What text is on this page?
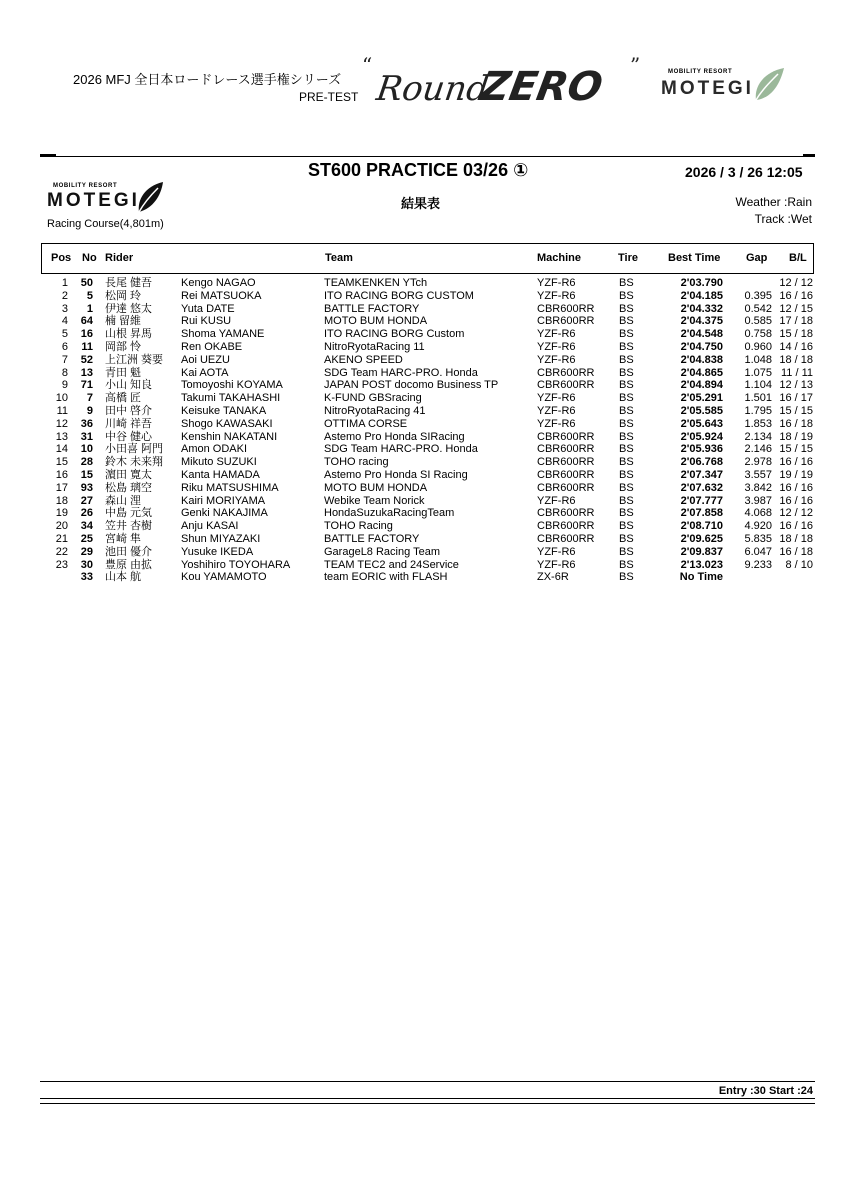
2026 MFJ 全日本ロードレース選手権シリーズ
PRE-TEST
“
Round
ZERO ”	MOBILITY RESORT
MOTEGI
ST600 PRACTICE 03/26 ①	2026 / 3 / 26 12:05
結果表	Weather :Rain
Track :Wet
MOBILITY RESORT
MOTEGI
Racing Course(4,801m)
Pos No Rider	Team	Machine	Tire	Best Time Gap B/L
1	50 長尾 健吾	Kengo NAGAO	TEAMKENKEN YTch	YZF-R6	BS	2'03.790	12 / 12
2	5 松岡 玲	Rei MATSUOKA	ITO RACING BORG CUSTOM	YZF-R6	BS	2'04.185	0.395 16 / 16
3	1 伊達 悠太	Yuta DATE	BATTLE FACTORY	CBR600RR BS	2'04.332	0.542 12 / 15
4	64 楠 留維	Rui KUSU	MOTO BUM HONDA	CBR600RR BS	2'04.375	0.585 17 / 18
5	16 山根 昇馬	Shoma YAMANE	ITO RACING BORG Custom	YZF-R6	BS	2'04.548	0.758 15 / 18
6	11 岡部 怜	Ren OKABE	NitroRyotaRacing 11	YZF-R6	BS	2'04.750	0.960 14 / 16
7	52 上江洲 葵要 Aoi UEZU	AKENO SPEED	YZF-R6	BS	2'04.838	1.048 18 / 18
8	13 青田 魁	Kai AOTA	SDG Team HARC-PRO. Honda	CBR600RR BS	2'04.865	1.075 11 / 11
9	71 小山 知良	Tomoyoshi KOYAMA	JAPAN POST docomo Business TP	CBR600RR BS	2'04.894	1.104 12 / 13
10	7 高橋 匠	Takumi TAKAHASHI	K-FUND GBSracing	YZF-R6	BS	2'05.291	1.501 16 / 17
11	9 田中 啓介	Keisuke TANAKA	NitroRyotaRacing 41	YZF-R6	BS	2'05.585	1.795 15 / 15
12	36 川崎 祥吾	Shogo KAWASAKI	OTTIMA CORSE	YZF-R6	BS	2'05.643	1.853 16 / 18
13	31 中谷 健心	Kenshin NAKATANI	Astemo Pro Honda SIRacing	CBR600RR BS	2'05.924	2.134 18 / 19
14	10 小田喜 阿門 Amon ODAKI	SDG Team HARC-PRO. Honda	CBR600RR BS	2'05.936	2.146 15 / 15
15	28 鈴木 未来翔 Mikuto SUZUKI	TOHO racing	CBR600RR BS	2'06.768	2.978 16 / 16
16	15 濵田 寛太	Kanta HAMADA	Astemo Pro Honda SI Racing	CBR600RR BS	2'07.347	3.557 19 / 19
17	93 松島 璃空	Riku MATSUSHIMA	MOTO BUM HONDA	CBR600RR BS	2'07.632	3.842 16 / 16
18	27 森山 浬	Kairi MORIYAMA	Webike Team Norick	YZF-R6	BS	2'07.777	3.987 16 / 16
19	26 中島 元気	Genki NAKAJIMA	HondaSuzukaRacingTeam	CBR600RR BS	2'07.858	4.068 12 / 12
20	34 笠井 杏樹	Anju KASAI	TOHO Racing	CBR600RR BS	2'08.710	4.920 16 / 16
21	25 宮崎 隼	Shun MIYAZAKI	BATTLE FACTORY	CBR600RR BS	2'09.625	5.835 18 / 18
22	29 池田 優介	Yusuke IKEDA	GarageL8 Racing Team	YZF-R6	BS	2'09.837	6.047 16 / 18
23	30 豊原 由拡	Yoshihiro TOYOHARA	TEAM TEC2 and 24Service	YZF-R6	BS	2'13.023	9.233	8 / 10
33 山本 航	Kou YAMAMOTO	team EORIC with FLASH	ZX-6R	BS	No Time
Entry :30 Start :24
